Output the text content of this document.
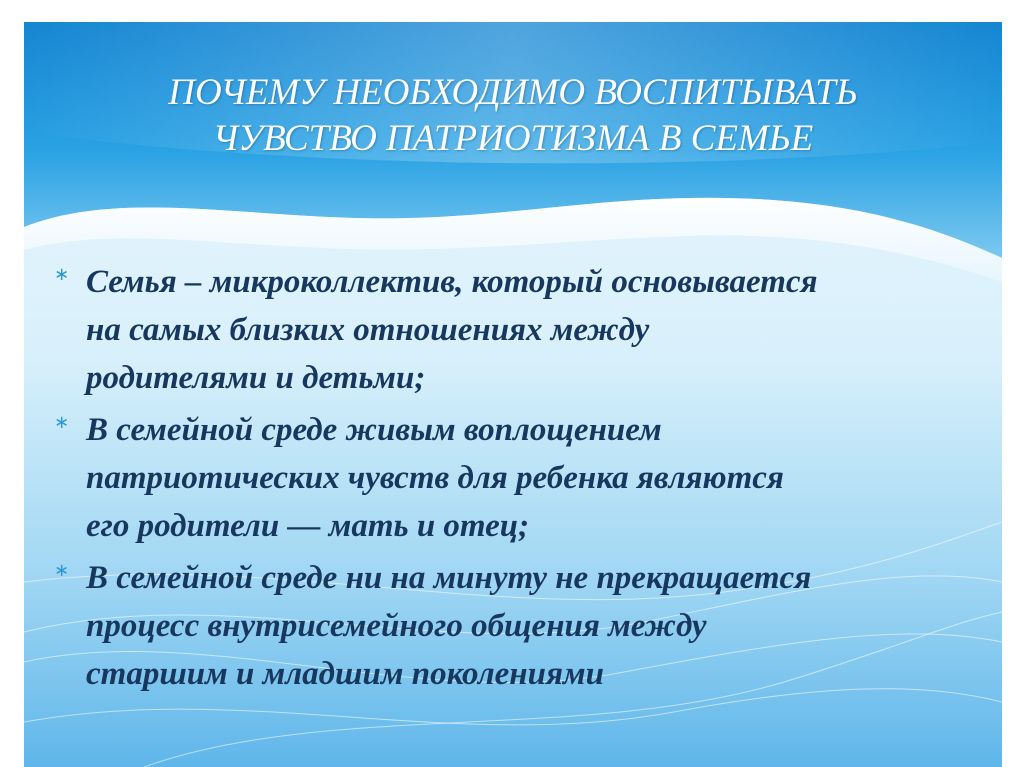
ПОЧЕМУ НЕОБХОДИМО ВОСПИТЫВАТЬ
ЧУВСТВО ПАТРИОТИЗМА В СЕМЬЕ
∗ Семья – микроколлектив, который основывается
на самых близких отношениях между
родителями и детьми;
∗ В семейной среде живым воплощением
патриотических чувств для ребенка являются
его родители — мать и отец;
∗ В семейной среде ни на минуту не прекращается
процесс внутрисемейного общения между
старшим и младшим поколениями
